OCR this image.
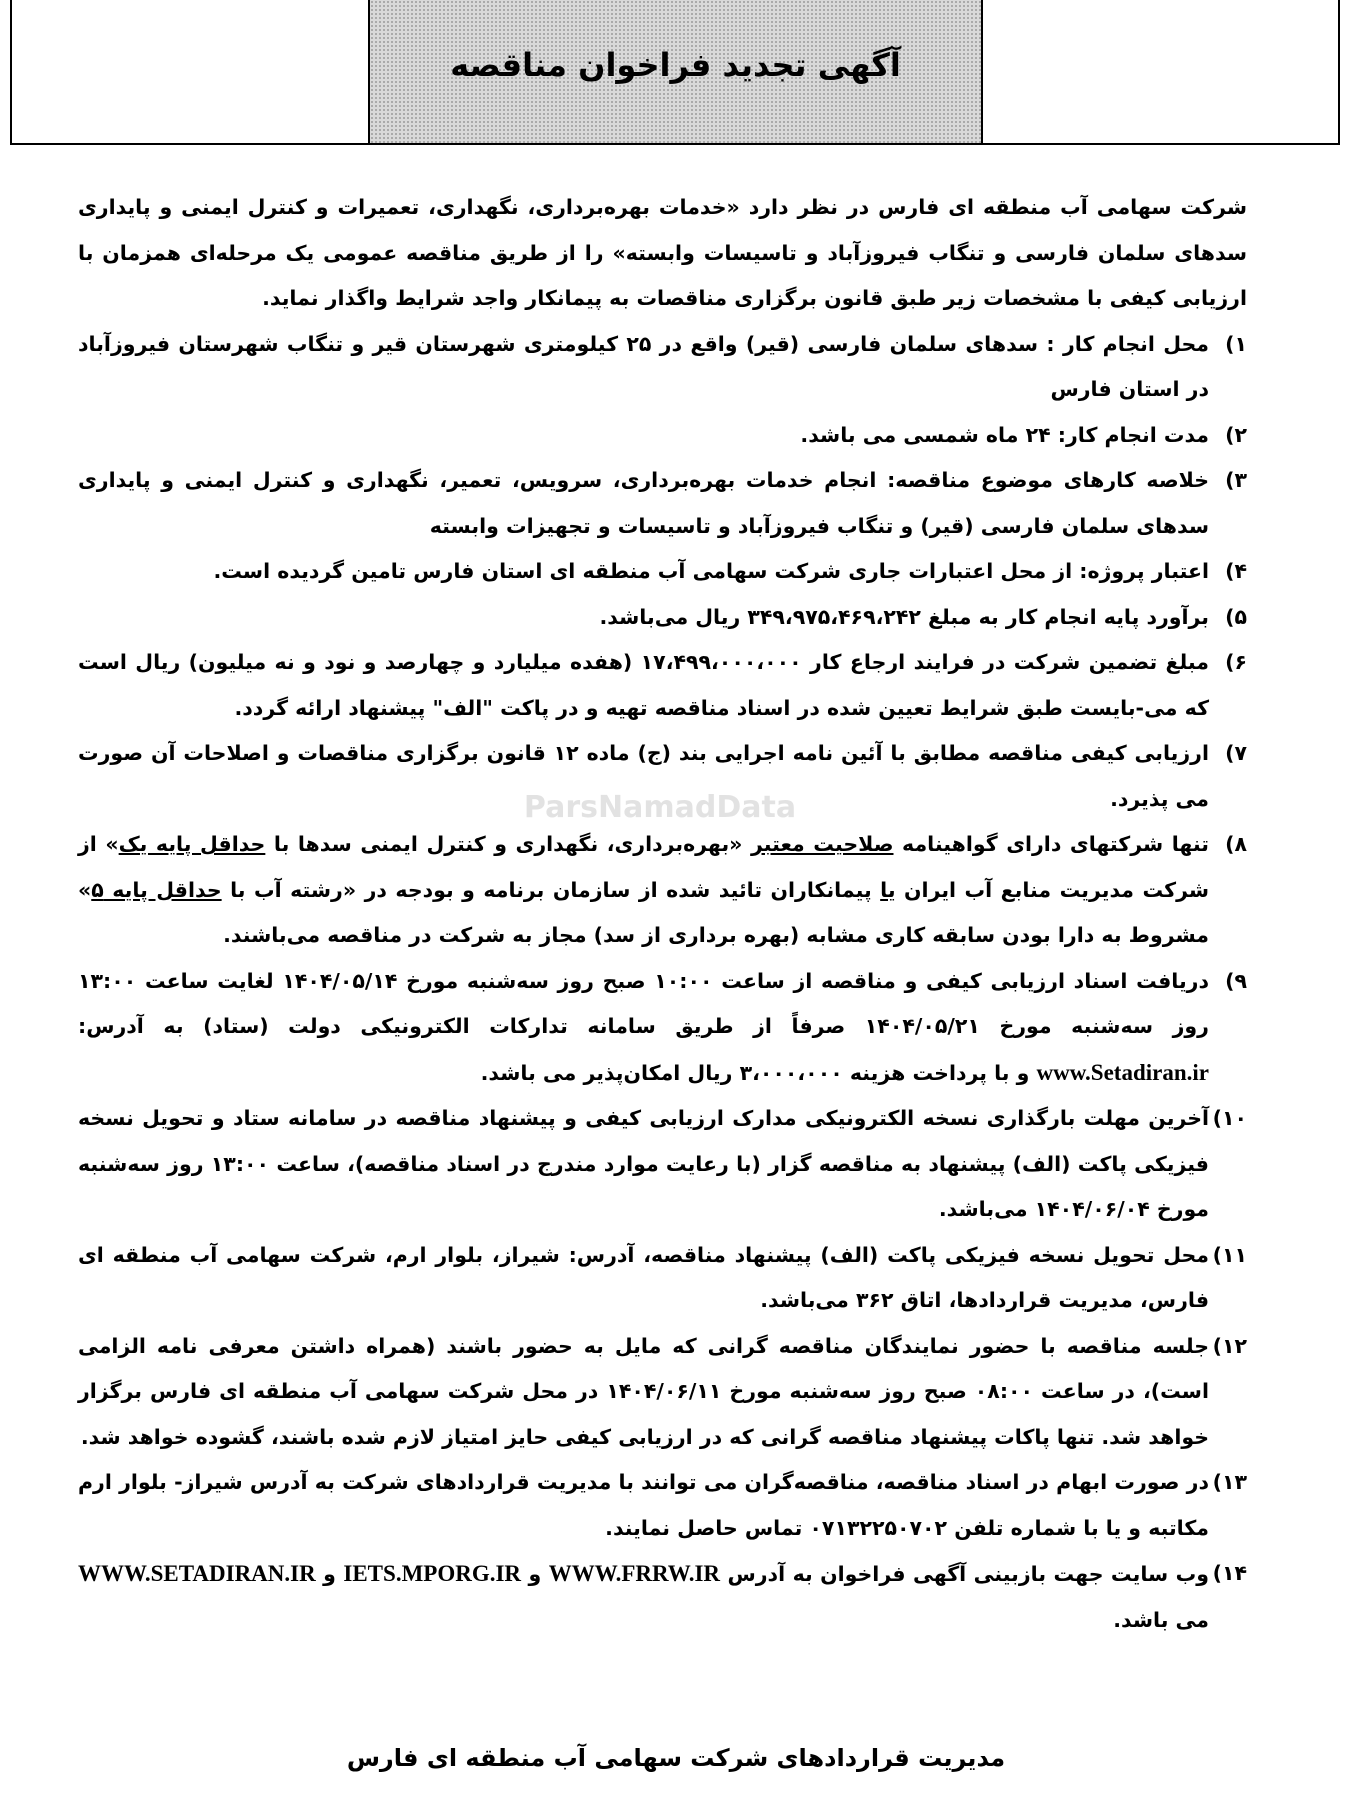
آگهی تجدید فراخوان مناقصه
ParsNamadData

شرکت سهامی آب منطقه ای فارس در نظر دارد «خدمات بهره‌برداری، نگهداری، تعمیرات و کنترل ایمنی و پایداری سدهای سلمان فارسی و تنگاب فیروزآباد و تاسیسات وابسته» را از طریق مناقصه عمومی یک مرحله‌ای همزمان با ارزیابی کیفی با مشخصات زیر طبق قانون برگزاری مناقصات به پیمانکار واجد شرایط واگذار نماید.

۱)
محل انجام کار : سدهای سلمان فارسی (قیر) واقع در ۲۵ کیلومتری شهرستان قیر و تنگاب شهرستان فیروزآباد در استان فارس
۲)
مدت انجام کار: ۲۴ ماه شمسی می باشد.
۳)
خلاصه کارهای موضوع مناقصه: انجام خدمات بهره‌برداری، سرویس، تعمیر، نگهداری و کنترل ایمنی و پایداری سدهای سلمان فارسی (قیر) و تنگاب فیروزآباد و تاسیسات و تجهیزات وابسته
۴)
اعتبار پروژه: از محل اعتبارات جاری شرکت سهامی آب منطقه ای استان فارس تامین گردیده است.
۵)
برآورد پایه انجام کار به مبلغ ۳۴۹،۹۷۵،۴۶۹،۲۴۲ ریال می‌باشد.
۶)
مبلغ تضمین شرکت در فرایند ارجاع کار ۱۷،۴۹۹،۰۰۰،۰۰۰ (هفده میلیارد و چهارصد و نود و نه میلیون) ریال است که می-بایست طبق شرایط تعیین شده در اسناد مناقصه تهیه و در پاکت "الف" پیشنهاد ارائه گردد.
۷)
ارزیابی کیفی مناقصه مطابق با آئین نامه اجرایی بند (ج) ماده ۱۲ قانون برگزاری مناقصات و اصلاحات آن صورت می پذیرد.
۸)
تنها شرکتهای دارای گواهینامه صلاحیت معتبر «بهره‌برداری، نگهداری و کنترل ایمنی سدها با حداقل پایه یک» از شرکت مدیریت منابع آب ایران یا پیمانکاران تائید شده از سازمان برنامه و بودجه در «رشته آب با حداقل پایه ۵» مشروط به دارا بودن سابقه کاری مشابه (بهره برداری از سد) مجاز به شرکت در مناقصه می‌باشند.
۹)
دریافت اسناد ارزیابی کیفی و مناقصه از ساعت ۱۰:۰۰ صبح روز سه‌شنبه مورخ ۱۴۰۴/۰۵/۱۴ لغایت ساعت ۱۳:۰۰ روز سه‌شنبه مورخ ۱۴۰۴/۰۵/۲۱ صرفاً از طریق سامانه تدارکات الکترونیکی دولت (ستاد) به آدرس: www.Setadiran.ir و با پرداخت هزینه ۳،۰۰۰،۰۰۰ ریال امکان‌پذیر می باشد.
۱۰)
آخرین مهلت بارگذاری نسخه الکترونیکی مدارک ارزیابی کیفی و پیشنهاد مناقصه در سامانه ستاد و تحویل نسخه فیزیکی پاکت (الف) پیشنهاد به مناقصه گزار (با رعایت موارد مندرج در اسناد مناقصه)، ساعت ۱۳:۰۰ روز سه‌شنبه مورخ ۱۴۰۴/۰۶/۰۴ می‌باشد.
۱۱)
محل تحویل نسخه فیزیکی پاکت (الف) پیشنهاد مناقصه، آدرس: شیراز، بلوار ارم، شرکت سهامی آب منطقه ای فارس، مدیریت قراردادها، اتاق ۳۶۲ می‌باشد.
۱۲)
جلسه مناقصه با حضور نمایندگان مناقصه گرانی که مایل به حضور باشند (همراه داشتن معرفی نامه الزامی است)، در ساعت ۰۸:۰۰ صبح روز سه‌شنبه مورخ ۱۴۰۴/۰۶/۱۱ در محل شرکت سهامی آب منطقه ای فارس برگزار خواهد شد. تنها پاکات پیشنهاد مناقصه گرانی که در ارزیابی کیفی حایز امتیاز لازم شده باشند، گشوده خواهد شد.
۱۳)
در صورت ابهام در اسناد مناقصه، مناقصه‌گران می توانند با مدیریت قراردادهای شرکت به آدرس شیراز- بلوار ارم مکاتبه و یا با شماره تلفن ۰۷۱۳۲۲۵۰۷۰۲ تماس حاصل نمایند.
۱۴)
وب سایت جهت بازبینی آگهی فراخوان به آدرس WWW.FRRW.IR و IETS.MPORG.IR و WWW.SETADIRAN.IR می باشد.
مدیریت قراردادهای شرکت سهامی آب منطقه ای فارس
